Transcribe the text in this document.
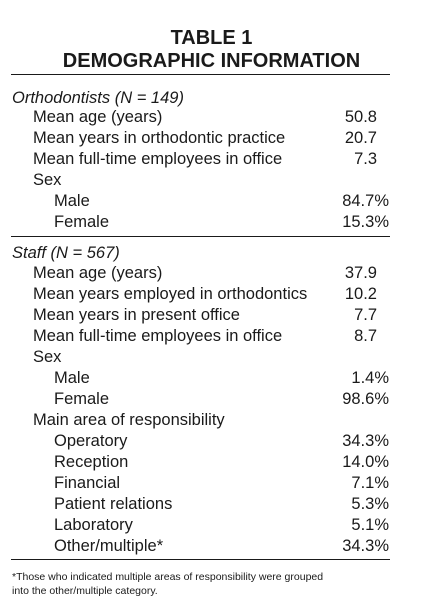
TABLE 1
DEMOGRAPHIC INFORMATION
Orthodontists (N = 149)
Mean age (years)	50.8
Mean years in orthodontic practice	20.7
Mean full-time employees in office	7.3
Sex
Male	84.7%
Female	15.3%
Staff (N = 567)
Mean age (years)	37.9
Mean years employed in orthodontics 10.2
Mean years in present office	7.7
Mean full-time employees in office	8.7
Sex
Male	1.4%
Female	98.6%
Main area of responsibility
Operatory	34.3%
Reception	14.0%
Financial	7.1%
Patient relations	5.3%
Laboratory	5.1%
Other/multiple*	34.3%
*Those who indicated multiple areas of responsibility were grouped
into the other/multiple category.
